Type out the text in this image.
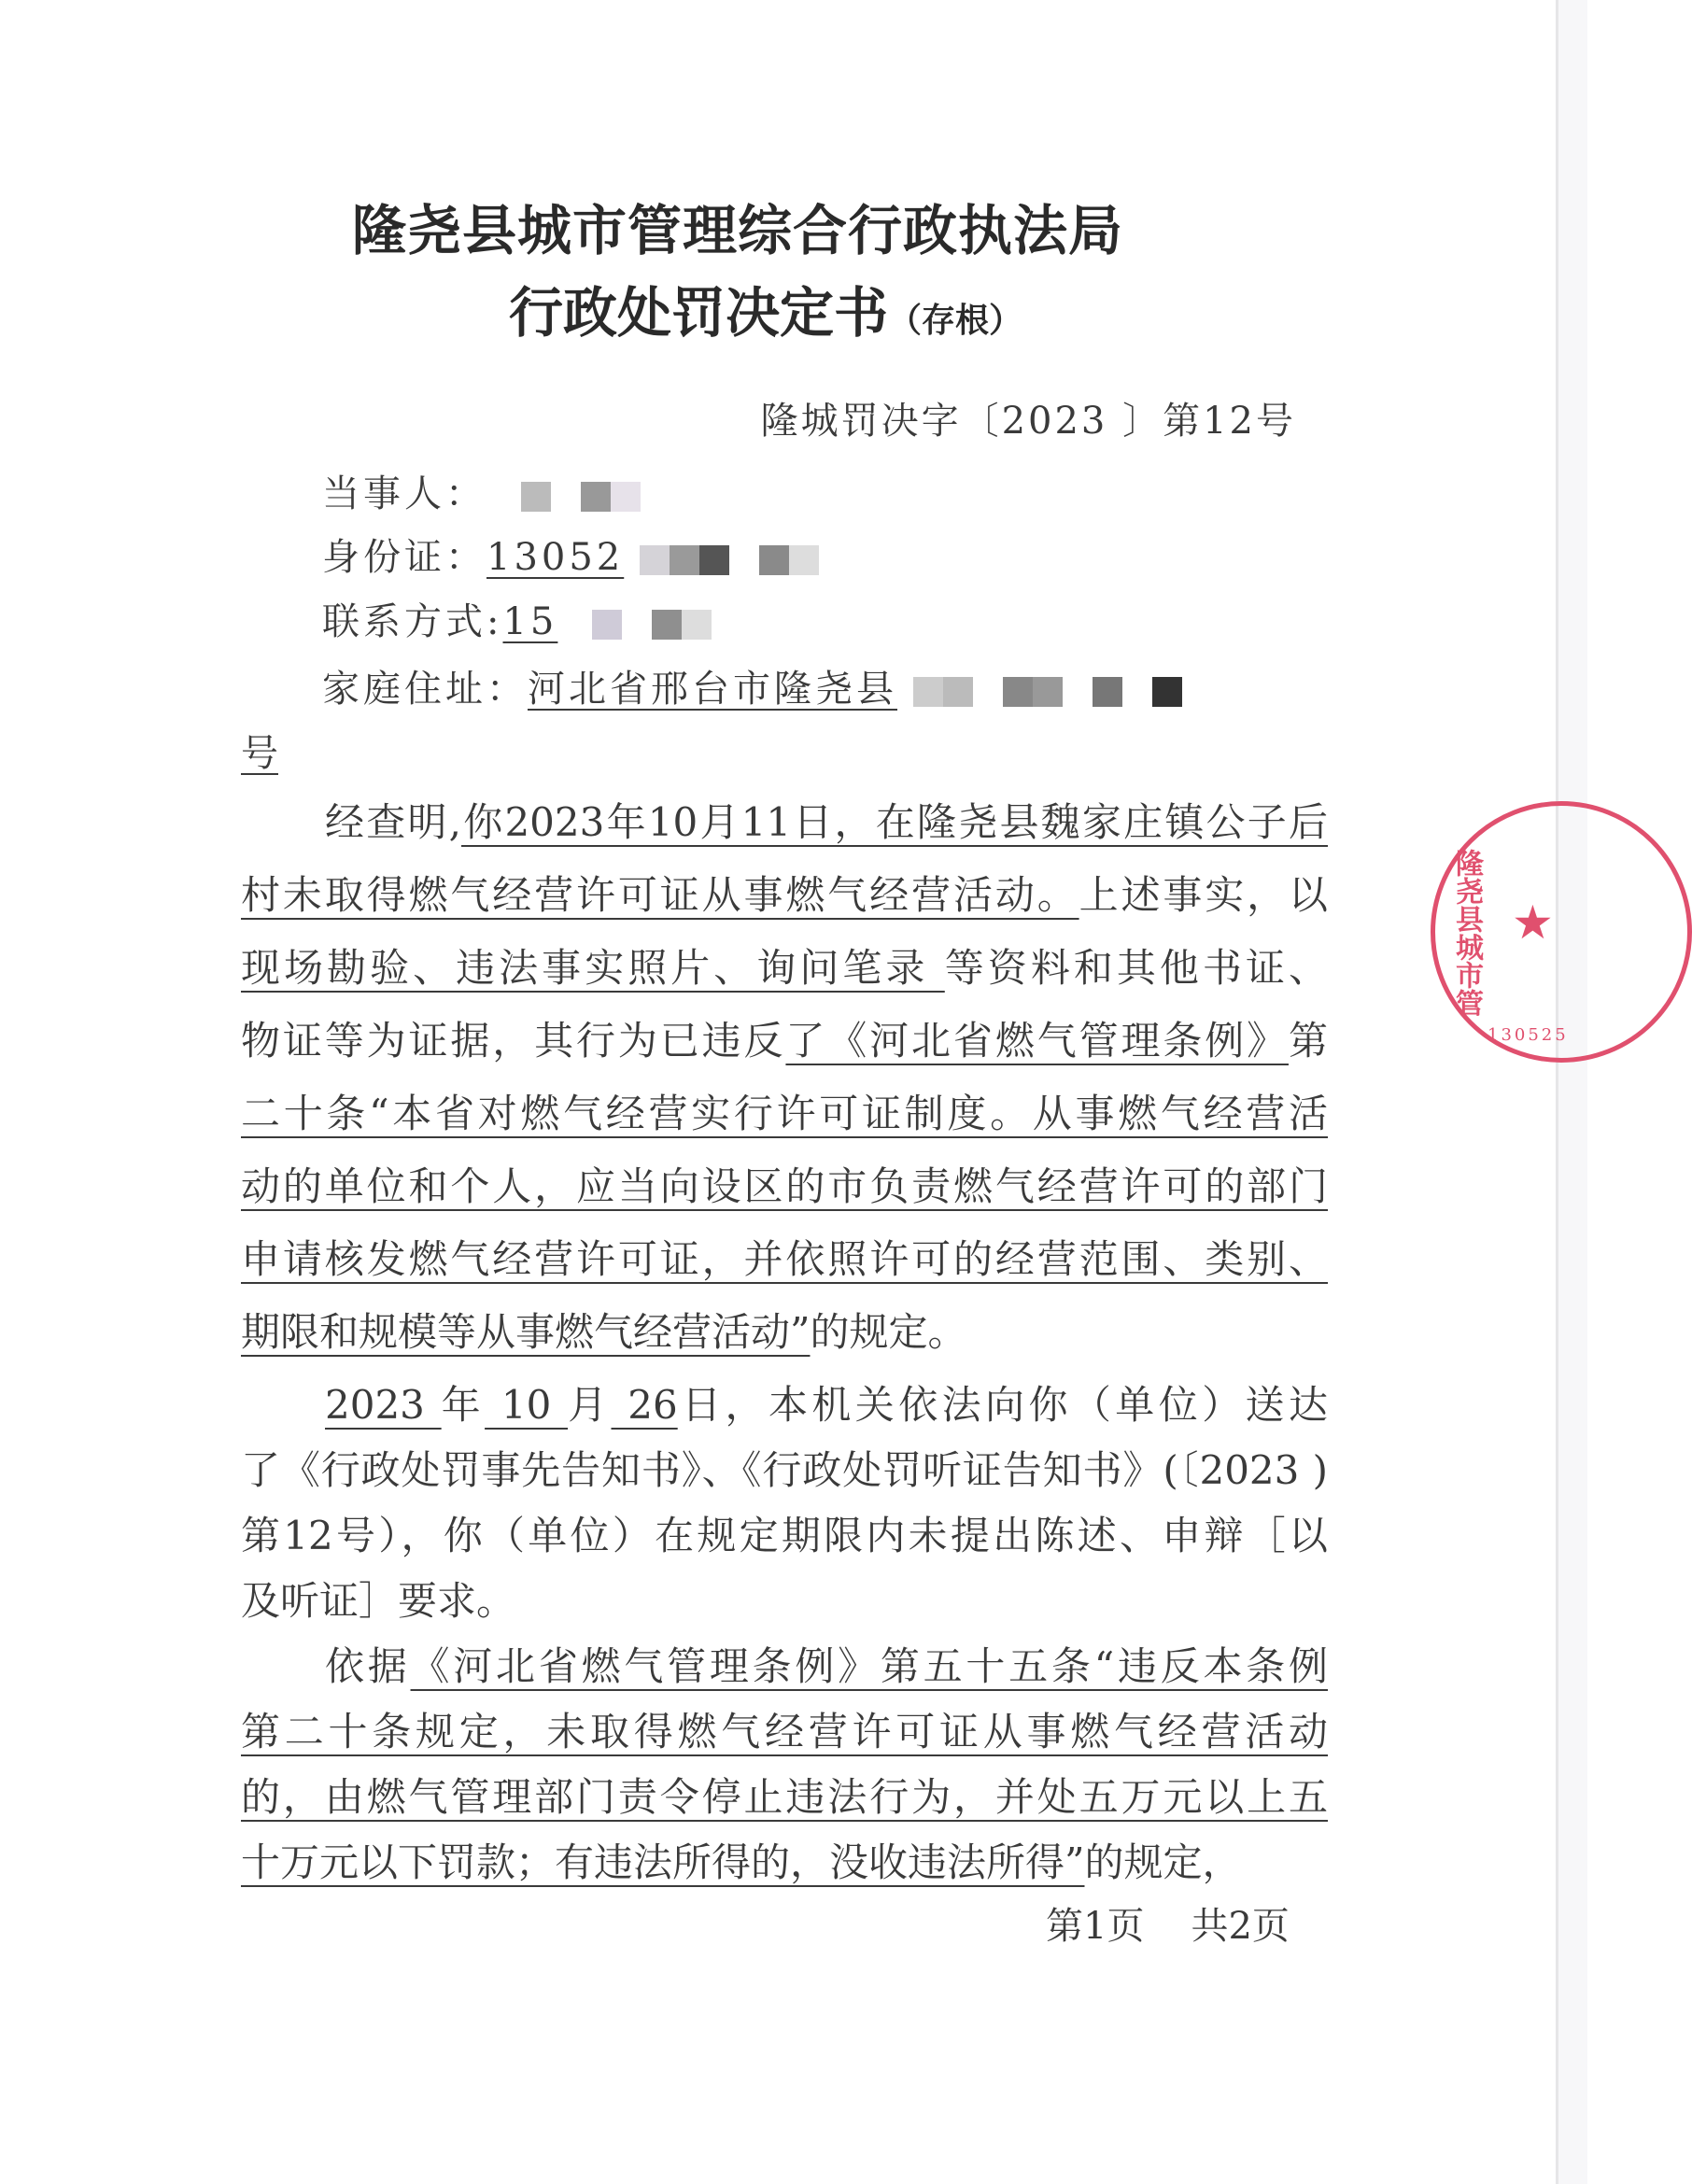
隆尧县城市管理综合行政执法局
行政处罚决定书（存根）
隆城罚决字〔2023 〕第12号
当事人：
身份证：13052
联系方式:15
家庭住址：河北省邢台市隆尧县
号
经查明,你2023年10月11日，在隆尧县魏家庄镇公子后
村未取得燃气经营许可证从事燃气经营活动。上述事实，以
现场勘验、违法事实照片、询问笔录 等资料和其他书证、
物证等为证据，其行为已违反了《河北省燃气管理条例》第
二十条“本省对燃气经营实行许可证制度。从事燃气经营活
动的单位和个人，应当向设区的市负责燃气经营许可的部门
申请核发燃气经营许可证，并依照许可的经营范围、类别、
期限和规模等从事燃气经营活动”的规定。
2023 年 10 月 26日，本机关依法向你（单位）送达
了《行政处罚事先告知书》、《行政处罚听证告知书》(〔2023 )
第12号），你（单位）在规定期限内未提出陈述、申辩［以
及听证］要求。
依据《河北省燃气管理条例》第五十五条“违反本条例
第二十条规定，未取得燃气经营许可证从事燃气经营活动
的，由燃气管理部门责令停止违法行为，并处五万元以上五
十万元以下罚款；有违法所得的，没收违法所得”的规定，
第1页 共2页
隆尧县城市管 ★
130525
